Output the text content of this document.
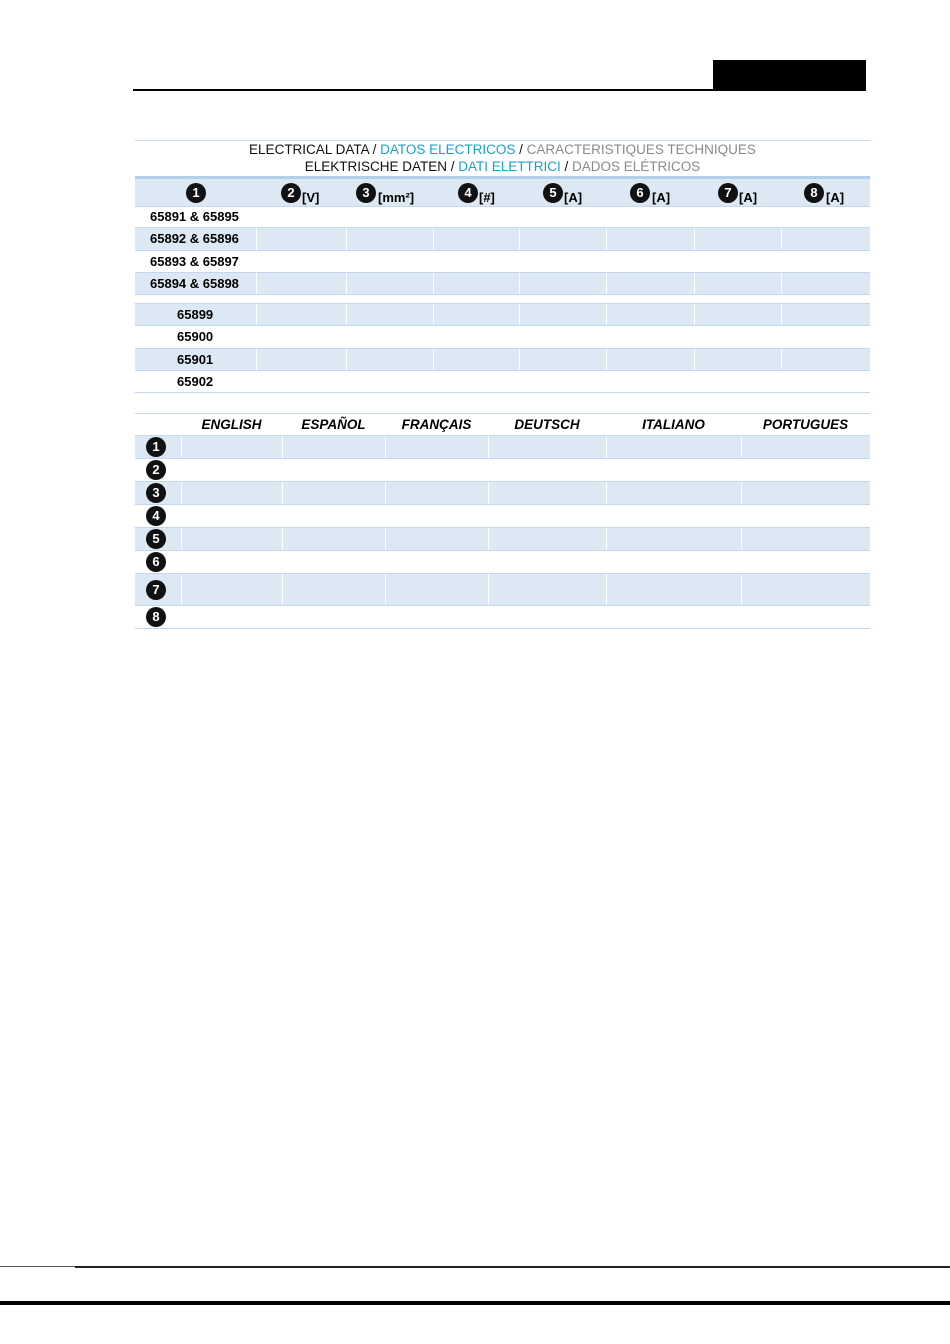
ELECTRICAL DATA / DATOS ELECTRICOS / CARACTERISTIQUES TECHNIQUES
ELEKTRISCHE DATEN / DATI ELETTRICI / DADOS ELÉTRICOS
1	2 [V]	3 [mm²]	4 [#]	5 [A]	6 [A]	7 [A]	8 [A]

65891 & 65895							
65892 & 65896							
65893 & 65897							
65894 & 65898							

65899							
65900							
65901							
65902							
	ENGLISH	ESPAÑOL	FRANÇAIS	DEUTSCH	ITALIANO	PORTUGUES
1						
2						
3						
4						
5						
6						
7						
8						
